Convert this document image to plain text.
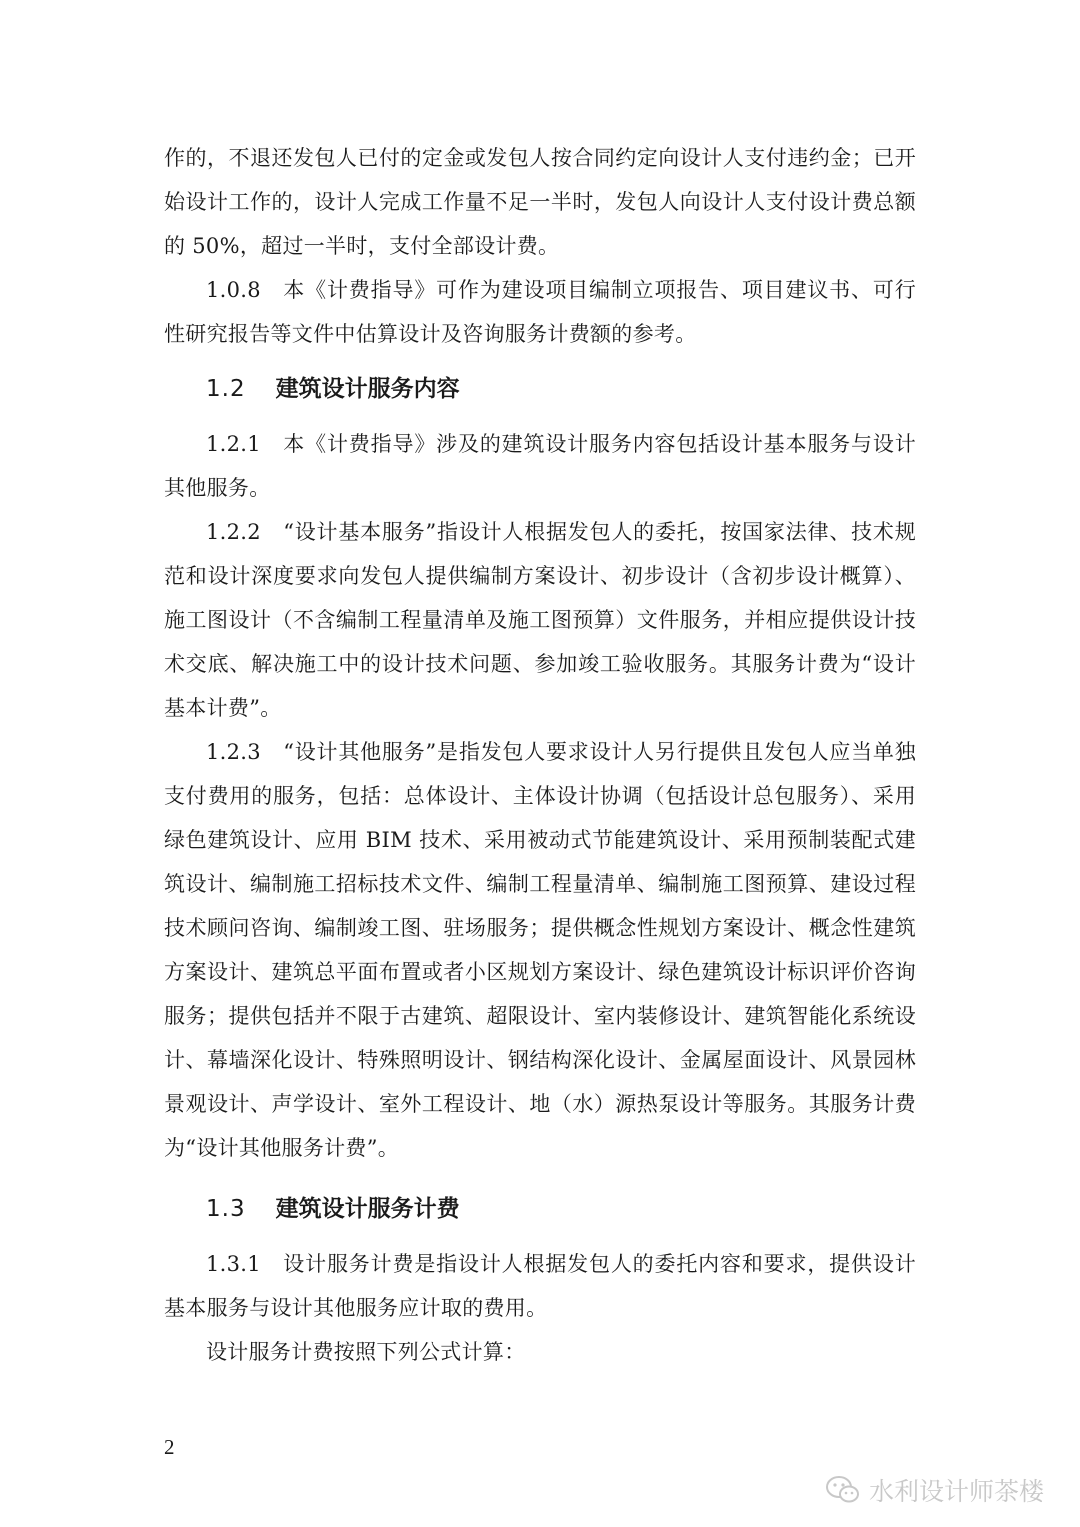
作的，不退还发包人已付的定金或发包人按合同约定向设计人支付违约金；已开始设计工作的，设计人完成工作量不足一半时，发包人向设计人支付设计费总额的 50%，超过一半时，支付全部设计费。

1.0.8　本《计费指导》可作为建设项目编制立项报告、项目建议书、可行性研究报告等文件中估算设计及咨询服务计费额的参考。

1.2 建筑设计服务内容

1.2.1　本《计费指导》涉及的建筑设计服务内容包括设计基本服务与设计其他服务。

1.2.2　“设计基本服务”指设计人根据发包人的委托，按国家法律、技术规范和设计深度要求向发包人提供编制方案设计、初步设计（含初步设计概算）、施工图设计（不含编制工程量清单及施工图预算）文件服务，并相应提供设计技术交底、解决施工中的设计技术问题、参加竣工验收服务。其服务计费为“设计基本计费”。

1.2.3　“设计其他服务”是指发包人要求设计人另行提供且发包人应当单独支付费用的服务，包括：总体设计、主体设计协调（包括设计总包服务）、采用绿色建筑设计、应用 BIM 技术、采用被动式节能建筑设计、采用预制装配式建筑设计、编制施工招标技术文件、编制工程量清单、编制施工图预算、建设过程技术顾问咨询、编制竣工图、驻场服务；提供概念性规划方案设计、概念性建筑方案设计、建筑总平面布置或者小区规划方案设计、绿色建筑设计标识评价咨询服务；提供包括并不限于古建筑、超限设计、室内装修设计、建筑智能化系统设计、幕墙深化设计、特殊照明设计、钢结构深化设计、金属屋面设计、风景园林景观设计、声学设计、室外工程设计、地（水）源热泵设计等服务。其服务计费为“设计其他服务计费”。

1.3 建筑设计服务计费

1.3.1　设计服务计费是指设计人根据发包人的委托内容和要求，提供设计基本服务与设计其他服务应计取的费用。

设计服务计费按照下列公式计算：

2
水利设计师茶楼
